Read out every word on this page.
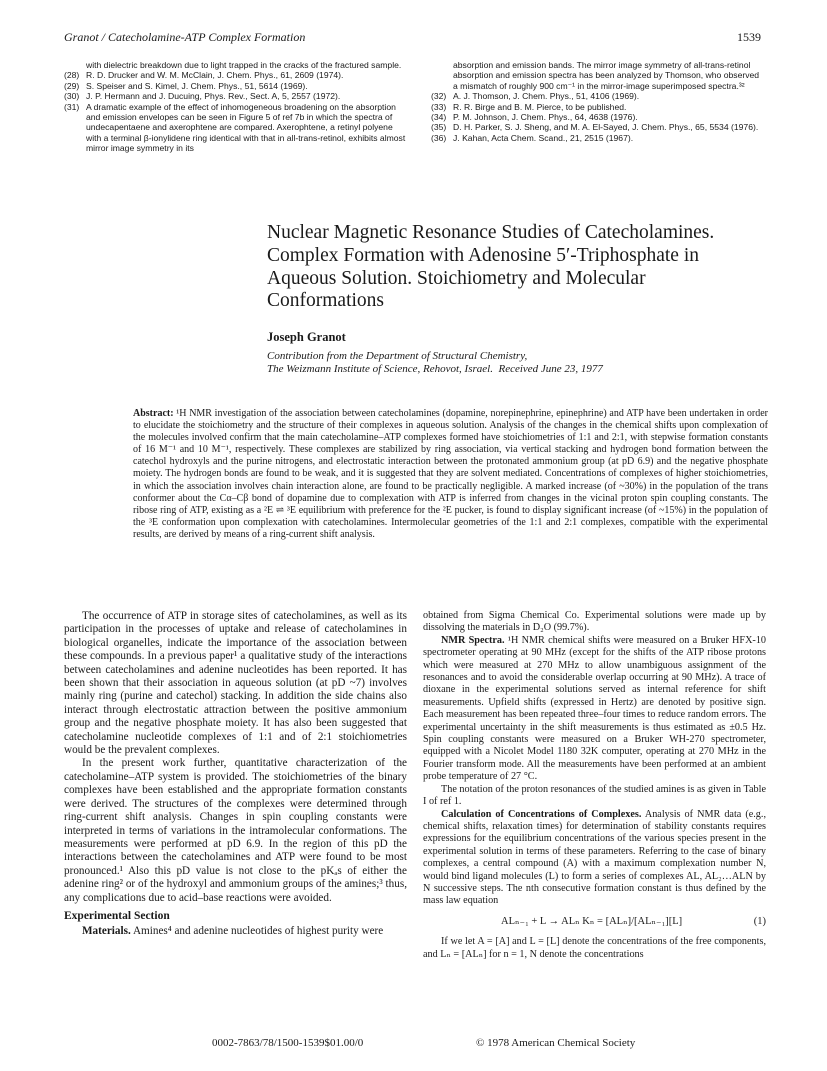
Granot / Catecholamine-ATP Complex Formation	1539
with dielectric breakdown due to light trapped in the cracks of the fractured sample.
(28) R. D. Drucker and W. M. McClain, J. Chem. Phys., 61, 2609 (1974).
(29) S. Speiser and S. Kimel, J. Chem. Phys., 51, 5614 (1969).
(30) J. P. Hermann and J. Ducuing, Phys. Rev., Sect. A, 5, 2557 (1972).
(31) A dramatic example of the effect of inhomogeneous broadening on the absorption and emission envelopes can be seen in Figure 5 of ref 7b in which the spectra of undecapentaene and axerophtene are compared. Axerophtene, a retinyl polyene with a terminal β-ionylidene ring identical with that in all-trans-retinol, exhibits almost mirror image symmetry in its
absorption and emission bands. The mirror image symmetry of all-trans-retinol absorption and emission spectra has been analyzed by Thomson, who observed a mismatch of roughly 900 cm⁻¹ in the mirror-image superimposed spectra.³²
(32) A. J. Thomson, J. Chem. Phys., 51, 4106 (1969).
(33) R. R. Birge and B. M. Pierce, to be published.
(34) P. M. Johnson, J. Chem. Phys., 64, 4638 (1976).
(35) D. H. Parker, S. J. Sheng, and M. A. El-Sayed, J. Chem. Phys., 65, 5534 (1976).
(36) J. Kahan, Acta Chem. Scand., 21, 2515 (1967).
Nuclear Magnetic Resonance Studies of Catecholamines. Complex Formation with Adenosine 5′-Triphosphate in Aqueous Solution. Stoichiometry and Molecular Conformations
Joseph Granot
Contribution from the Department of Structural Chemistry,
The Weizmann Institute of Science, Rehovot, Israel. Received June 23, 1977
Abstract: ¹H NMR investigation of the association between catecholamines (dopamine, norepinephrine, epinephrine) and ATP have been undertaken in order to elucidate the stoichiometry and the structure of their complexes in aqueous solution. Analysis of the changes in the chemical shifts upon complexation of the molecules involved confirm that the main catecholamine–ATP complexes formed have stoichiometries of 1:1 and 2:1, with stepwise formation constants of 16 M⁻¹ and 10 M⁻¹, respectively. These complexes are stabilized by ring association, via vertical stacking and hydrogen bond formation between the catechol hydroxyls and the purine nitrogens, and electrostatic interaction between the protonated ammonium group (at pD 6.9) and the negative phosphate moiety. The hydrogen bonds are found to be weak, and it is suggested that they are solvent mediated. Concentrations of complexes of higher stoichiometries, in which the association involves chain interaction alone, are found to be practically negligible. A marked increase (of ~30%) in the population of the trans conformer about the Cα–Cβ bond of dopamine due to complexation with ATP is inferred from changes in the vicinal proton spin coupling constants. The ribose ring of ATP, existing as a ²E ⇌ ³E equilibrium with preference for the ²E pucker, is found to display significant increase (of ~15%) in the population of the ³E conformation upon complexation with catecholamines. Intermolecular geometries of the 1:1 and 2:1 complexes, compatible with the experimental results, are derived by means of a ring-current shift analysis.

The occurrence of ATP in storage sites of catecholamines, as well as its participation in the processes of uptake and release of catecholamines in biological organelles, indicate the importance of the association between these compounds. In a previous paper¹ a qualitative study of the interactions between catecholamines and adenine nucleotides has been reported. It has been shown that their association in aqueous solution (at pD ~7) involves mainly ring (purine and catechol) stacking. In addition the side chains also interact through electrostatic attraction between the positive ammonium group and the negative phosphate moiety. It has also been suggested that catecholamine nucleotide complexes of 1:1 and of 2:1 stoichiometries would be the prevalent complexes.

In the present work further, quantitative characterization of the catecholamine–ATP system is provided. The stoichiometries of the binary complexes have been established and the appropriate formation constants were derived. The structures of the complexes were determined through ring-current shift analysis. Changes in spin coupling constants were interpreted in terms of variations in the intramolecular conformations. The measurements were performed at pD 6.9. In the region of this pD the interactions between the catecholamines and ATP were found to be most pronounced.¹ Also this pD value is not close to the pKₐs of either the adenine ring² or of the hydroxyl and ammonium groups of the amines;³ thus, any complications due to acid–base reactions were avoided.

Experimental Section

Materials. Amines⁴ and adenine nucleotides of highest purity were

obtained from Sigma Chemical Co. Experimental solutions were made up by dissolving the materials in D₂O (99.7%).

NMR Spectra. ¹H NMR chemical shifts were measured on a Bruker HFX-10 spectrometer operating at 90 MHz (except for the shifts of the ATP ribose protons which were measured at 270 MHz to allow unambiguous assignment of the resonances and to avoid the considerable overlap occurring at 90 MHz). A trace of dioxane in the experimental solutions served as internal reference for shift measurements. Upfield shifts (expressed in Hertz) are denoted by positive sign. Each measurement has been repeated three–four times to reduce random errors. The experimental uncertainty in the shift measurements is thus estimated as ±0.5 Hz. Spin coupling constants were measured on a Bruker WH-270 spectrometer, equipped with a Nicolet Model 1180 32K computer, operating at 270 MHz in the Fourier transform mode. All the measurements have been performed at an ambient probe temperature of 27 °C.

The notation of the proton resonances of the studied amines is as given in Table I of ref 1.

Calculation of Concentrations of Complexes. Analysis of NMR data (e.g., chemical shifts, relaxation times) for determination of stability constants requires expressions for the equilibrium concentrations of the various species present in the experimental solution in terms of these parameters. Referring to the case of binary complexes, a central compound (A) with a maximum complexation number N, would bind ligand molecules (L) to form a series of complexes AL, AL₂…ALN by N successive steps. The nth consecutive formation constant is thus defined by the mass law equation

ALₙ₋₁ + L → ALₙ Kₙ = [ALₙ]/[ALₙ₋₁][L]	(1)

If we let A = [A] and L = [L] denote the concentrations of the free components, and Lₙ = [ALₙ] for n = 1, N denote the concentrations

0002-7863/78/1500-1539$01.00/0	© 1978 American Chemical Society
